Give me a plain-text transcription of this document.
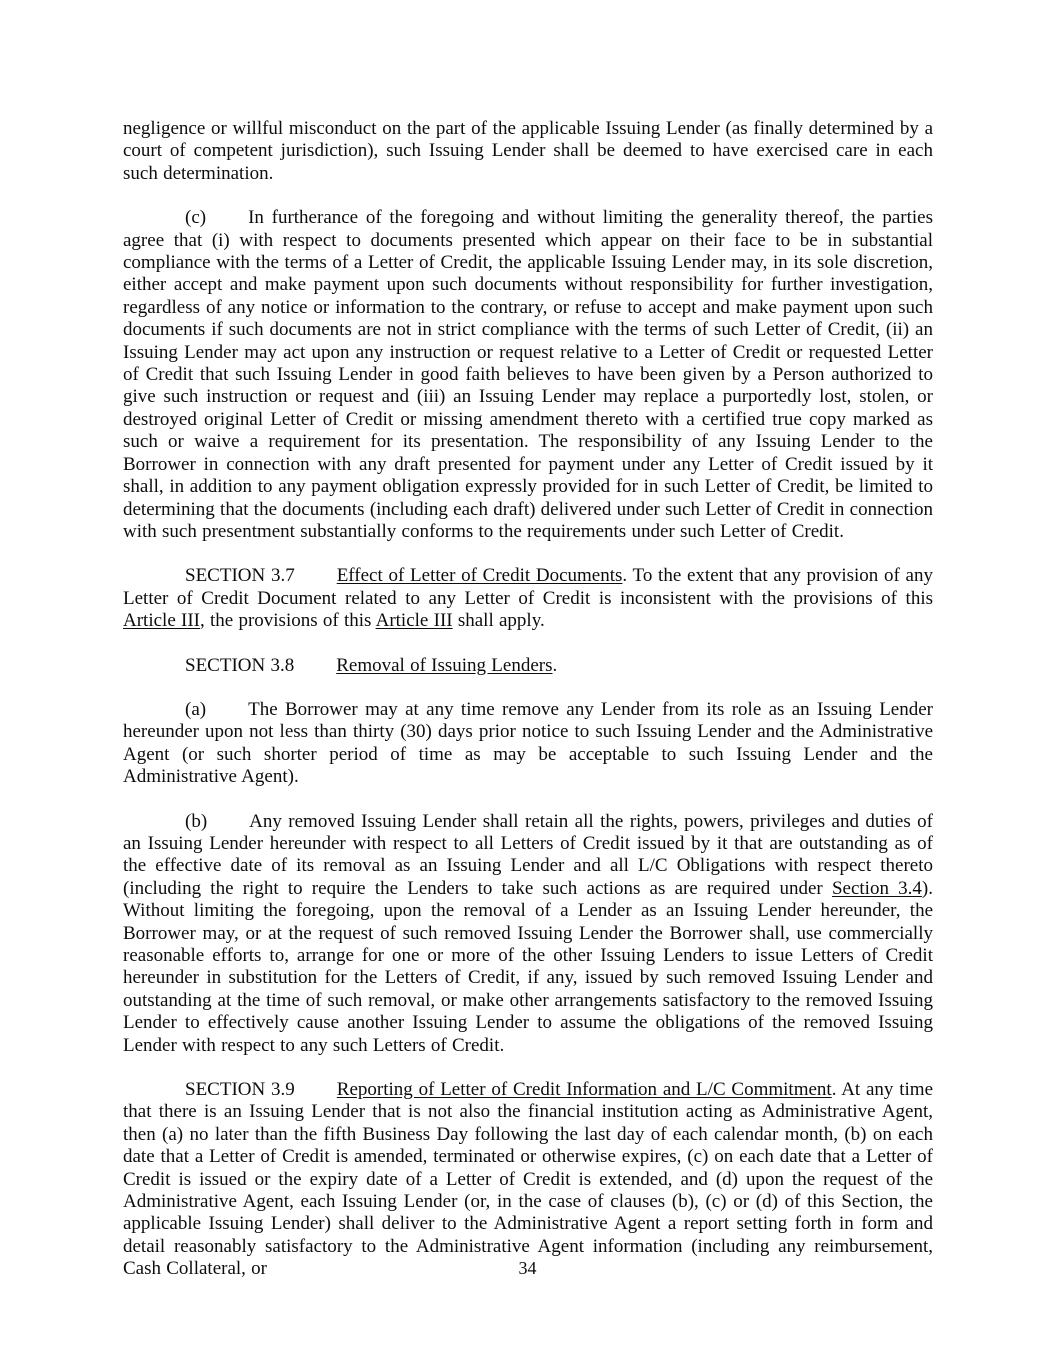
negligence or willful misconduct on the part of the applicable Issuing Lender (as finally determined by a court of competent jurisdiction), such Issuing Lender shall be deemed to have exercised care in each such determination.

(c) In furtherance of the foregoing and without limiting the generality thereof, the parties agree that (i) with respect to documents presented which appear on their face to be in substantial compliance with the terms of a Letter of Credit, the applicable Issuing Lender may, in its sole discretion, either accept and make payment upon such documents without responsibility for further investigation, regardless of any notice or information to the contrary, or refuse to accept and make payment upon such documents if such documents are not in strict compliance with the terms of such Letter of Credit, (ii) an Issuing Lender may act upon any instruction or request relative to a Letter of Credit or requested Letter of Credit that such Issuing Lender in good faith believes to have been given by a Person authorized to give such instruction or request and (iii) an Issuing Lender may replace a purportedly lost, stolen, or destroyed original Letter of Credit or missing amendment thereto with a certified true copy marked as such or waive a requirement for its presentation. The responsibility of any Issuing Lender to the Borrower in connection with any draft presented for payment under any Letter of Credit issued by it shall, in addition to any payment obligation expressly provided for in such Letter of Credit, be limited to determining that the documents (including each draft) delivered under such Letter of Credit in connection with such presentment substantially conforms to the requirements under such Letter of Credit.

SECTION 3.7 Effect of Letter of Credit Documents. To the extent that any provision of any Letter of Credit Document related to any Letter of Credit is inconsistent with the provisions of this Article III, the provisions of this Article III shall apply.

SECTION 3.8 Removal of Issuing Lenders.

(a) The Borrower may at any time remove any Lender from its role as an Issuing Lender hereunder upon not less than thirty (30) days prior notice to such Issuing Lender and the Administrative Agent (or such shorter period of time as may be acceptable to such Issuing Lender and the Administrative Agent).

(b) Any removed Issuing Lender shall retain all the rights, powers, privileges and duties of an Issuing Lender hereunder with respect to all Letters of Credit issued by it that are outstanding as of the effective date of its removal as an Issuing Lender and all L/C Obligations with respect thereto (including the right to require the Lenders to take such actions as are required under Section 3.4). Without limiting the foregoing, upon the removal of a Lender as an Issuing Lender hereunder, the Borrower may, or at the request of such removed Issuing Lender the Borrower shall, use commercially reasonable efforts to, arrange for one or more of the other Issuing Lenders to issue Letters of Credit hereunder in substitution for the Letters of Credit, if any, issued by such removed Issuing Lender and outstanding at the time of such removal, or make other arrangements satisfactory to the removed Issuing Lender to effectively cause another Issuing Lender to assume the obligations of the removed Issuing Lender with respect to any such Letters of Credit.

SECTION 3.9 Reporting of Letter of Credit Information and L/C Commitment. At any time that there is an Issuing Lender that is not also the financial institution acting as Administrative Agent, then (a) no later than the fifth Business Day following the last day of each calendar month, (b) on each date that a Letter of Credit is amended, terminated or otherwise expires, (c) on each date that a Letter of Credit is issued or the expiry date of a Letter of Credit is extended, and (d) upon the request of the Administrative Agent, each Issuing Lender (or, in the case of clauses (b), (c) or (d) of this Section, the applicable Issuing Lender) shall deliver to the Administrative Agent a report setting forth in form and detail reasonably satisfactory to the Administrative Agent information (including any reimbursement, Cash Collateral, or	34
